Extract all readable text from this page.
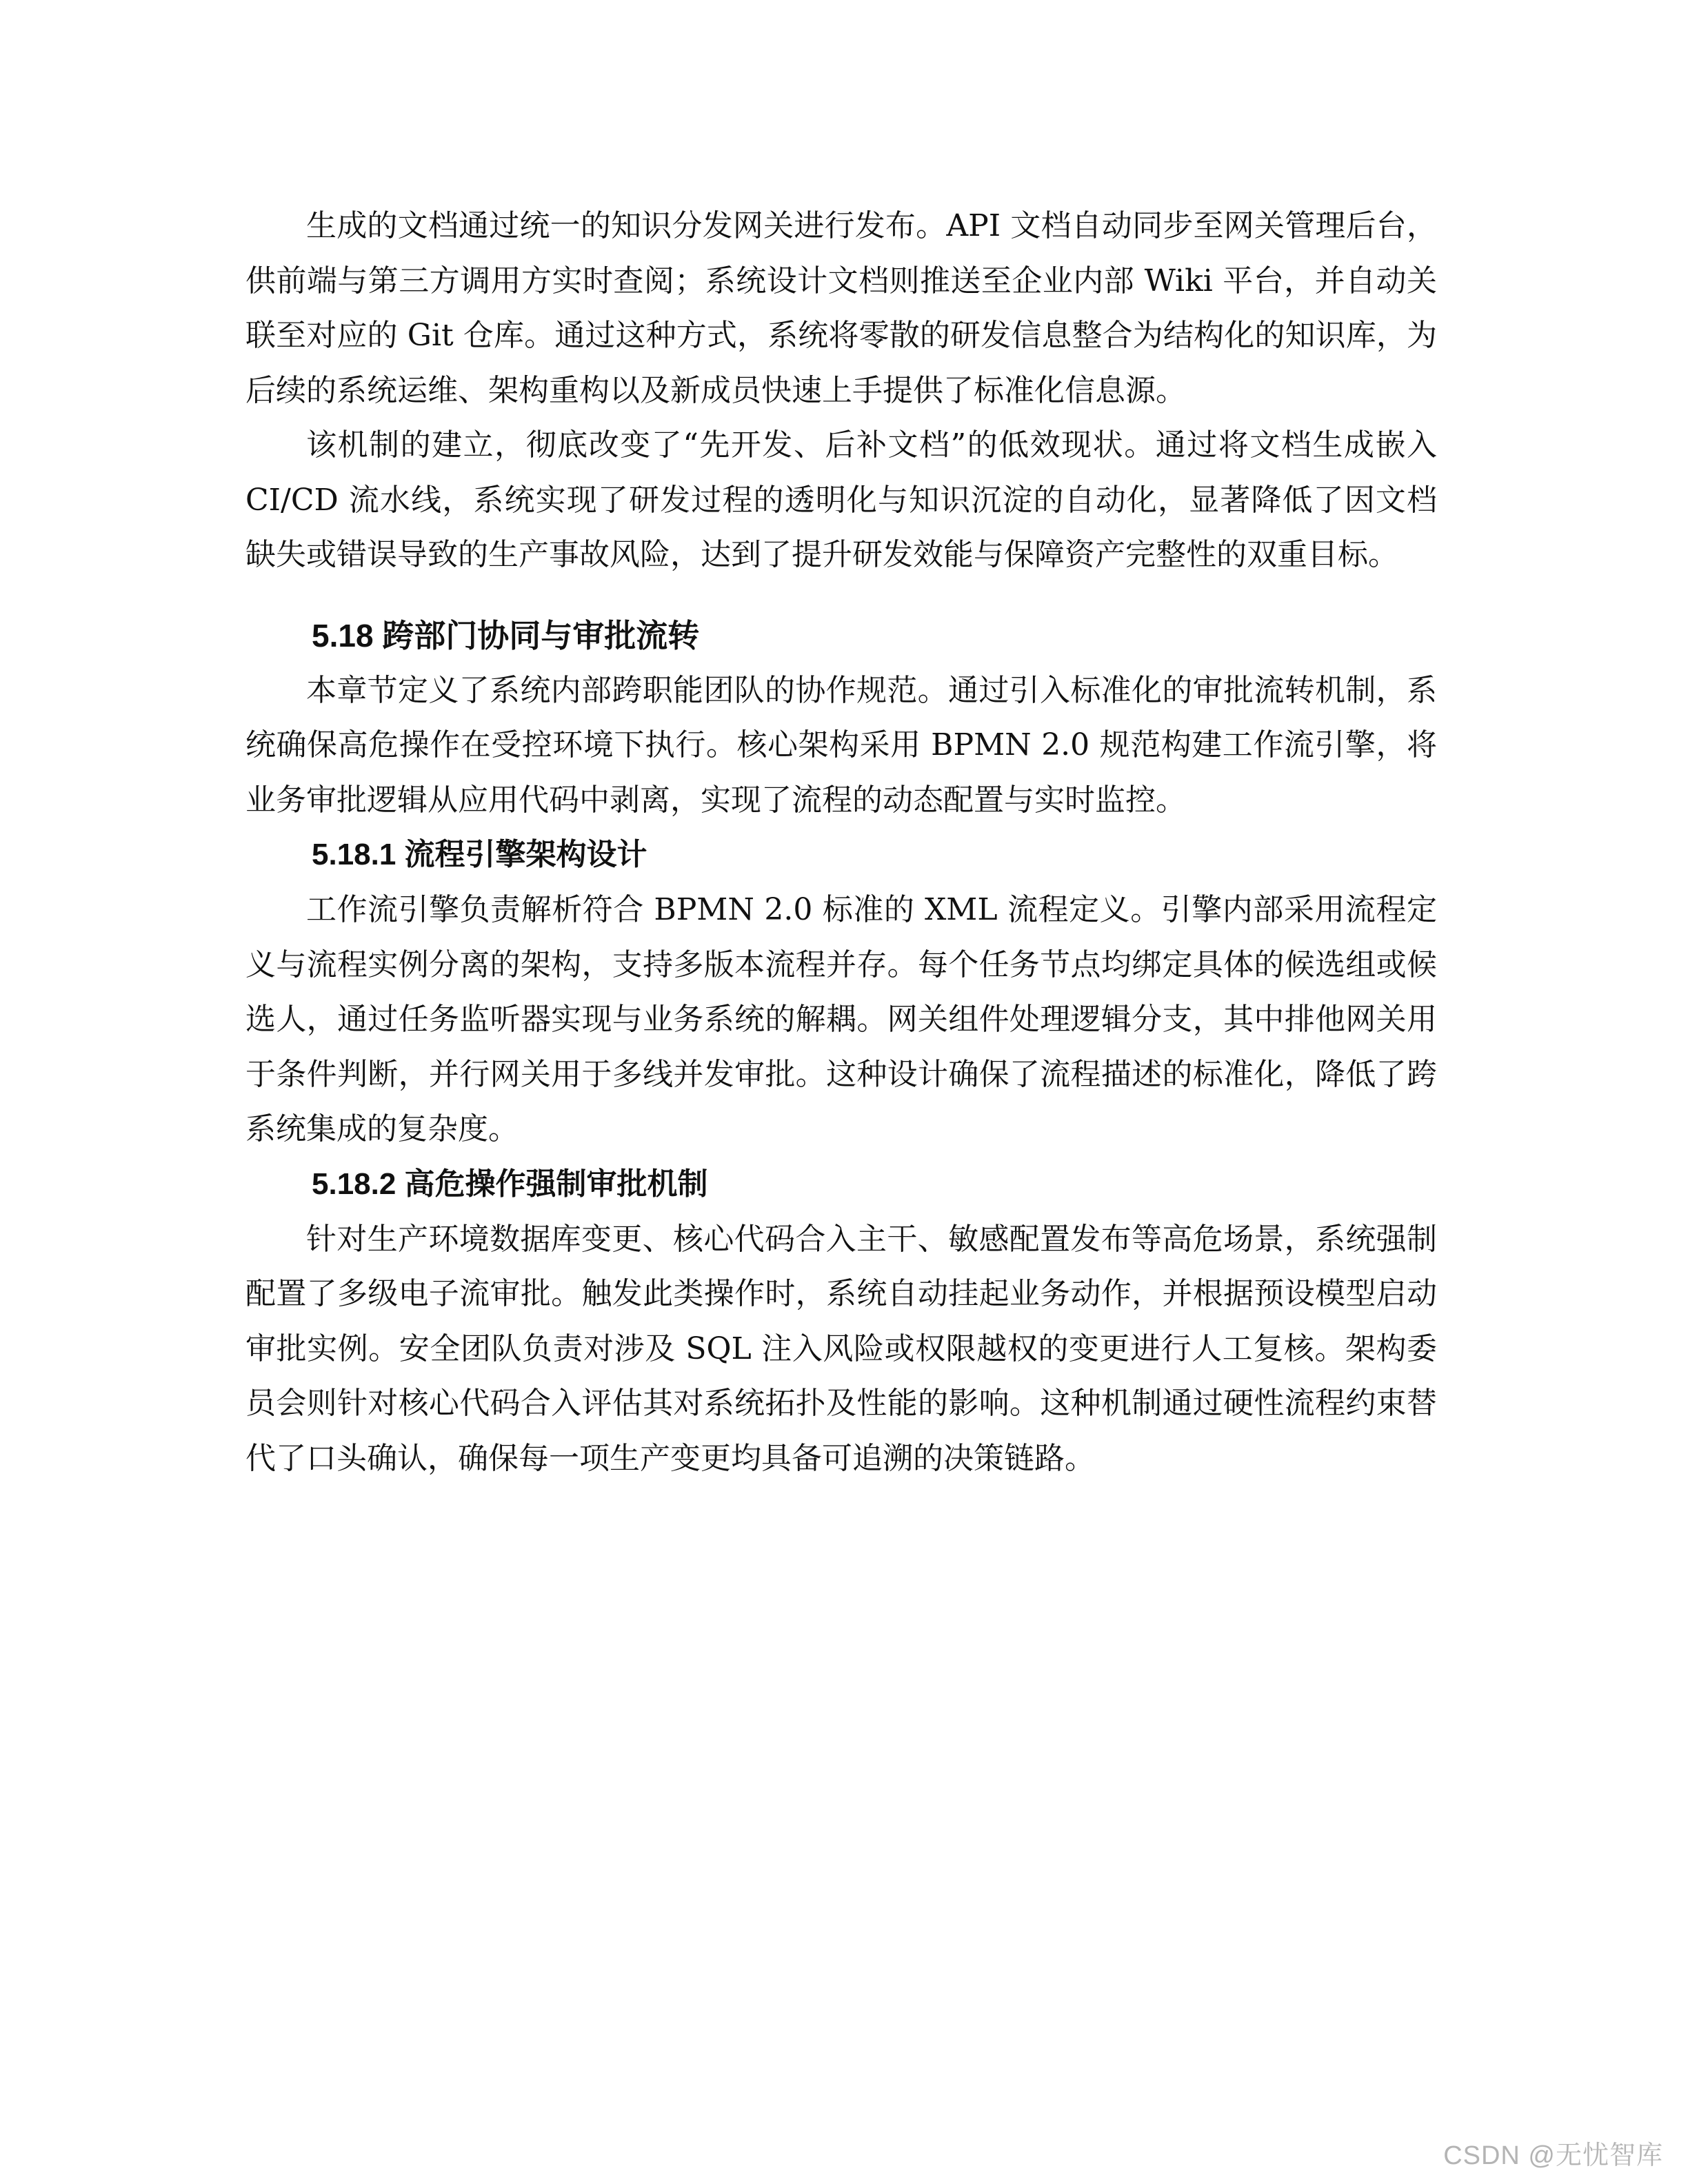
生成的文档通过统一的知识分发网关进行发布。API 文档自动同步至网关管理后台，供前端与第三方调用方实时查阅；系统设计文档则推送至企业内部 Wiki 平台，并自动关联至对应的 Git 仓库。通过这种方式，系统将零散的研发信息整合为结构化的知识库，为后续的系统运维、架构重构以及新成员快速上手提供了标准化信息源。

该机制的建立，彻底改变了“先开发、后补文档”的低效现状。通过将文档生成嵌入 CI/CD 流水线，系统实现了研发过程的透明化与知识沉淀的自动化，显著降低了因文档缺失或错误导致的生产事故风险，达到了提升研发效能与保障资产完整性的双重目标。

5.18 跨部门协同与审批流转

本章节定义了系统内部跨职能团队的协作规范。通过引入标准化的审批流转机制，系统确保高危操作在受控环境下执行。核心架构采用 BPMN 2.0 规范构建工作流引擎，将业务审批逻辑从应用代码中剥离，实现了流程的动态配置与实时监控。

5.18.1 流程引擎架构设计

工作流引擎负责解析符合 BPMN 2.0 标准的 XML 流程定义。引擎内部采用流程定义与流程实例分离的架构，支持多版本流程并存。每个任务节点均绑定具体的候选组或候选人，通过任务监听器实现与业务系统的解耦。网关组件处理逻辑分支，其中排他网关用于条件判断，并行网关用于多线并发审批。这种设计确保了流程描述的标准化，降低了跨系统集成的复杂度。

5.18.2 高危操作强制审批机制

针对生产环境数据库变更、核心代码合入主干、敏感配置发布等高危场景，系统强制配置了多级电子流审批。触发此类操作时，系统自动挂起业务动作，并根据预设模型启动审批实例。安全团队负责对涉及 SQL 注入风险或权限越权的变更进行人工复核。架构委员会则针对核心代码合入评估其对系统拓扑及性能的影响。这种机制通过硬性流程约束替代了口头确认，确保每一项生产变更均具备可追溯的决策链路。

CSDN @无忧智库
